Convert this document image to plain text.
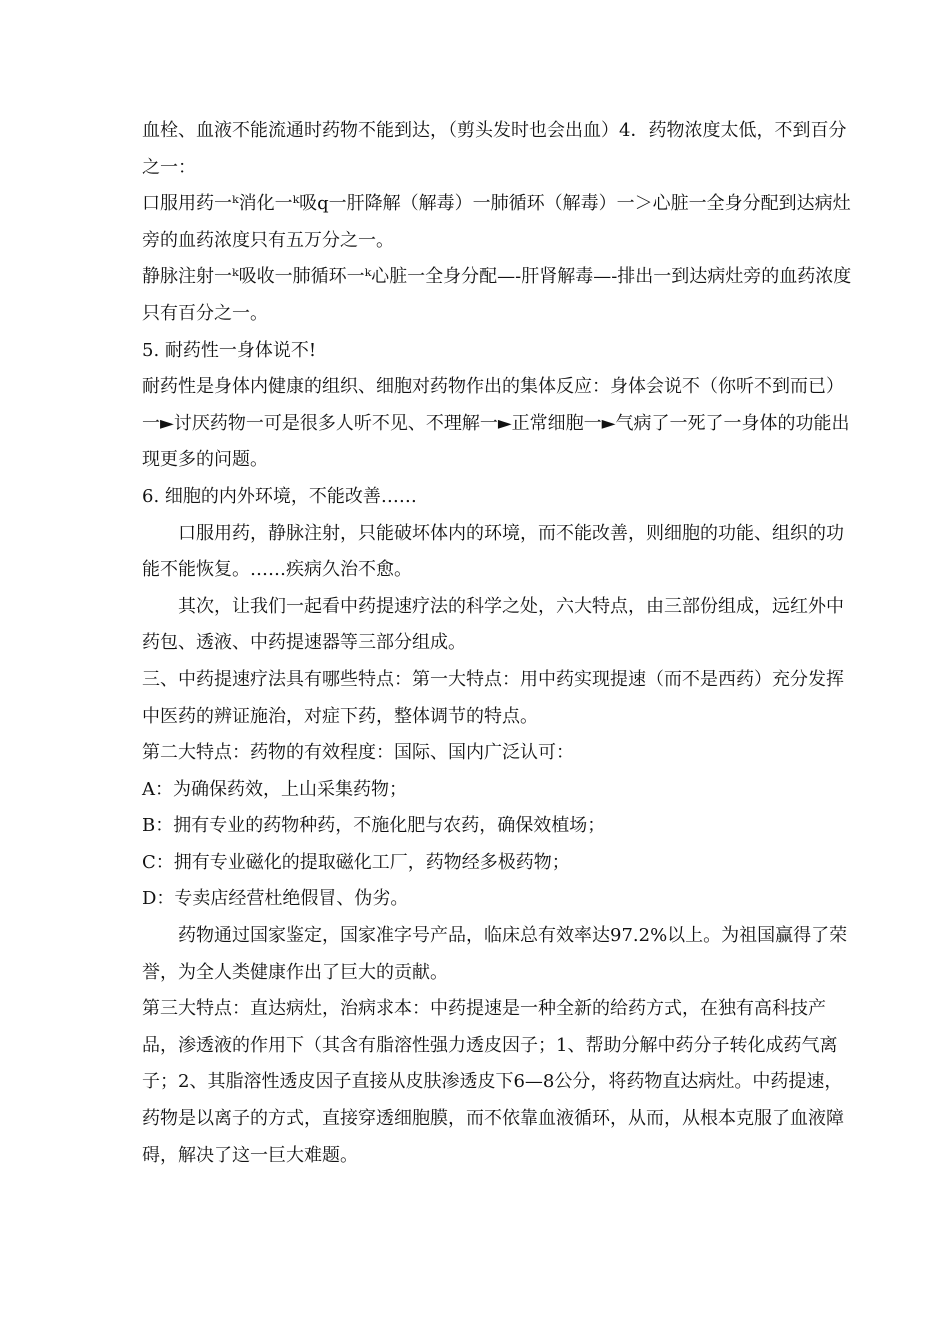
血栓、血液不能流通时药物不能到达，（剪头发时也会出血）4．药物浓度太低，不到百分之一：

口服用药一ᵏ消化一ᵏ吸q一肝降解（解毒）一肺循环（解毒）一＞心脏一全身分配到达病灶旁的血药浓度只有五万分之一。

静脉注射一ᵏ吸收一肺循环一ᵏ心脏一全身分配—-肝肾解毒—-排出一到达病灶旁的血药浓度只有百分之一。

5. 耐药性一身体说不!

耐药性是身体内健康的组织、细胞对药物作出的集体反应：身体会说不（你听不到而已）一►讨厌药物一可是很多人听不见、不理解一►正常细胞一►气病了一死了一身体的功能出现更多的问题。

6. 细胞的内外环境，不能改善……

口服用药，静脉注射，只能破坏体内的环境，而不能改善，则细胞的功能、组织的功能不能恢复。……疾病久治不愈。

其次，让我们一起看中药提速疗法的科学之处，六大特点，由三部份组成，远红外中药包、透液、中药提速器等三部分组成。

三、中药提速疗法具有哪些特点：第一大特点：用中药实现提速（而不是西药）充分发挥中医药的辨证施治，对症下药，整体调节的特点。

第二大特点：药物的有效程度：国际、国内广泛认可：

A：为确保药效，上山采集药物；

B：拥有专业的药物种药，不施化肥与农药，确保效植场；

C：拥有专业磁化的提取磁化工厂，药物经多极药物；

D：专卖店经营杜绝假冒、伪劣。

药物通过国家鉴定，国家准字号产品，临床总有效率达97.2%以上。为祖国赢得了荣誉，为全人类健康作出了巨大的贡献。

第三大特点：直达病灶，治病求本：中药提速是一种全新的给药方式，在独有高科技产品，渗透液的作用下（其含有脂溶性强力透皮因子；1、帮助分解中药分子转化成药气离子；2、其脂溶性透皮因子直接从皮肤渗透皮下6—8公分，将药物直达病灶。中药提速，药物是以离子的方式，直接穿透细胞膜，而不依靠血液循环，从而，从根本克服了血液障碍，解决了这一巨大难题。
